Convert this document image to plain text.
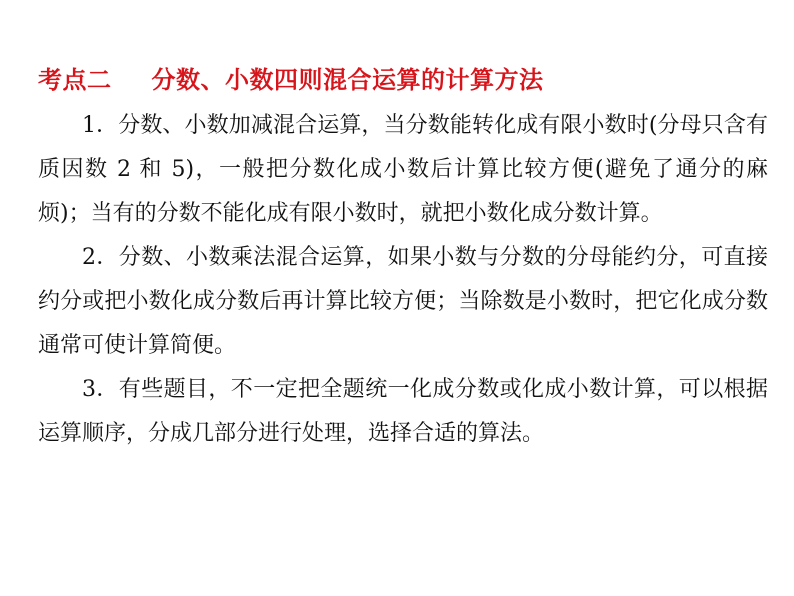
考点二 分数、小数四则混合运算的计算方法

1．分数、小数加减混合运算，当分数能转化成有限小数时(分母只含有质因数 2 和 5)，一般把分数化成小数后计算比较方便(避免了通分的麻烦)；当有的分数不能化成有限小数时，就把小数化成分数计算。

2．分数、小数乘法混合运算，如果小数与分数的分母能约分，可直接约分或把小数化成分数后再计算比较方便；当除数是小数时，把它化成分数通常可使计算简便。

3．有些题目，不一定把全题统一化成分数或化成小数计算，可以根据运算顺序，分成几部分进行处理，选择合适的算法。
